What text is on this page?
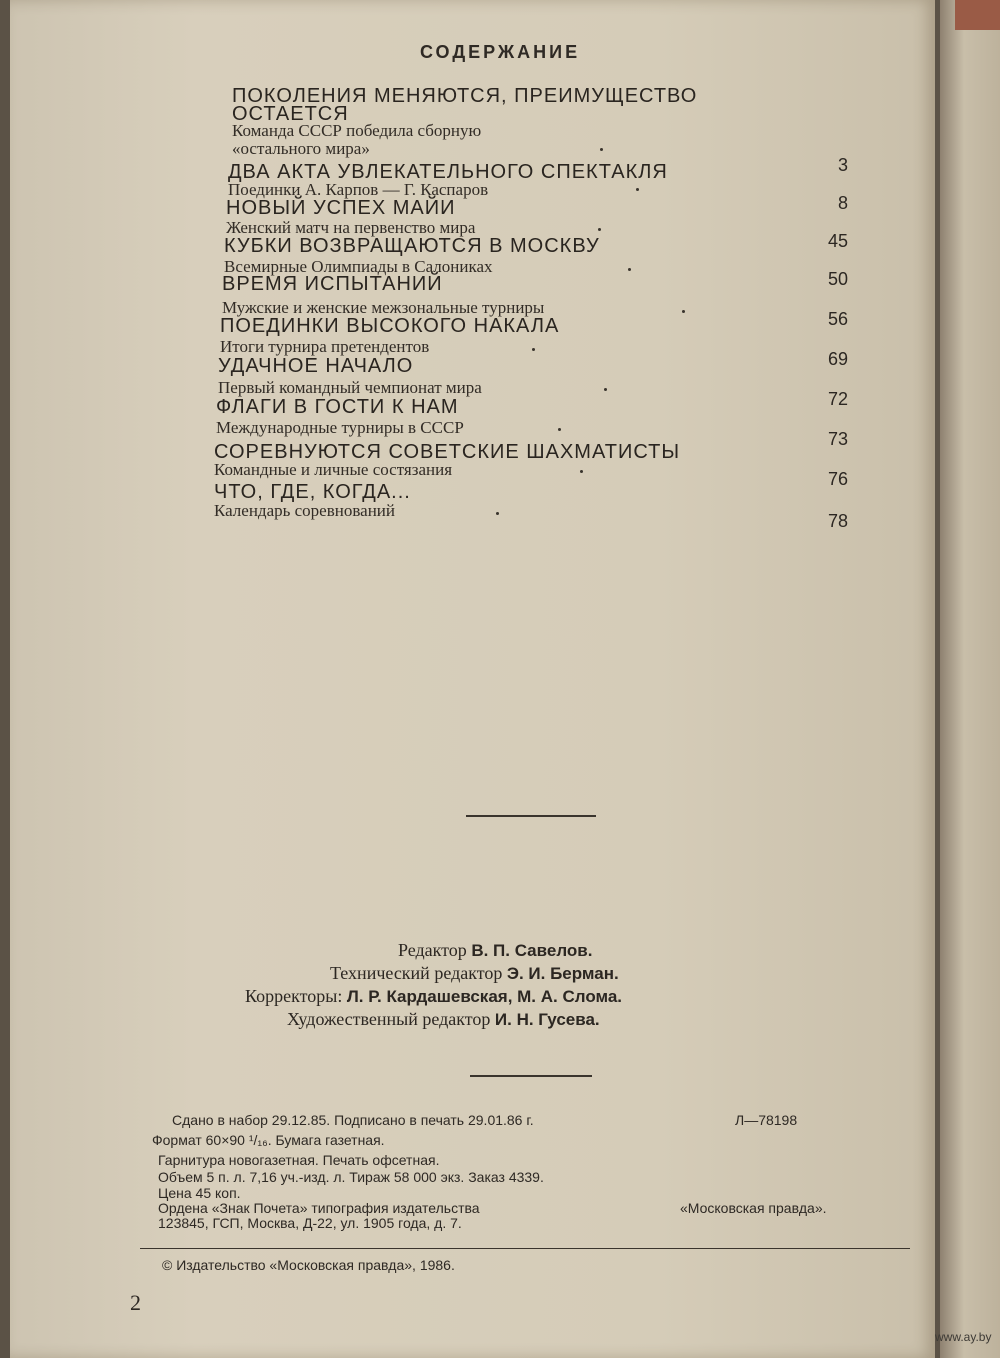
СОДЕРЖАНИЕ
ПОКОЛЕНИЯ МЕНЯЮТСЯ, ПРЕИМУЩЕСТВО
ОСТАЕТСЯ
Команда СССР победила сборную
«остального мира»
3
ДВА АКТА УВЛЕКАТЕЛЬНОГО СПЕКТАКЛЯ
Поединки А. Карпов — Г. Каспаров
8
НОВЫЙ УСПЕХ МАЙИ
Женский матч на первенство мира
45
КУБКИ ВОЗВРАЩАЮТСЯ В МОСКВУ
Всемирные Олимпиады в Салониках
50
ВРЕМЯ ИСПЫТАНИЙ
Мужские и женские межзональные турниры
56
ПОЕДИНКИ ВЫСОКОГО НАКАЛА
Итоги турнира претендентов
69
УДАЧНОЕ НАЧАЛО
Первый командный чемпионат мира
72
ФЛАГИ В ГОСТИ К НАМ
Международные турниры в СССР
73
СОРЕВНУЮТСЯ СОВЕТСКИЕ ШАХМАТИСТЫ
Командные и личные состязания	76
ЧТО, ГДЕ, КОГДА...
Календарь соревнований
78
Редактор В. П. Савелов.
Технический редактор Э. И. Берман.
Корректоры: Л. Р. Кардашевская, М. А. Слома.
Художественный редактор И. Н. Гусева.
Сдано в набор 29.12.85. Подписано в печать 29.01.86 г.	Л—78198
Формат 60×90 ¹/₁₆. Бумага газетная.
Гарнитура новогазетная. Печать офсетная.
Объем 5 п. л. 7,16 уч.-изд. л. Тираж 58 000 экз. Заказ 4339.
Цена 45 коп.
Ордена «Знак Почета» типография издательства	«Московская правда».
123845, ГСП, Москва, Д-22, ул. 1905 года, д. 7.
© Издательство «Московская правда», 1986.
2
www.ay.by
